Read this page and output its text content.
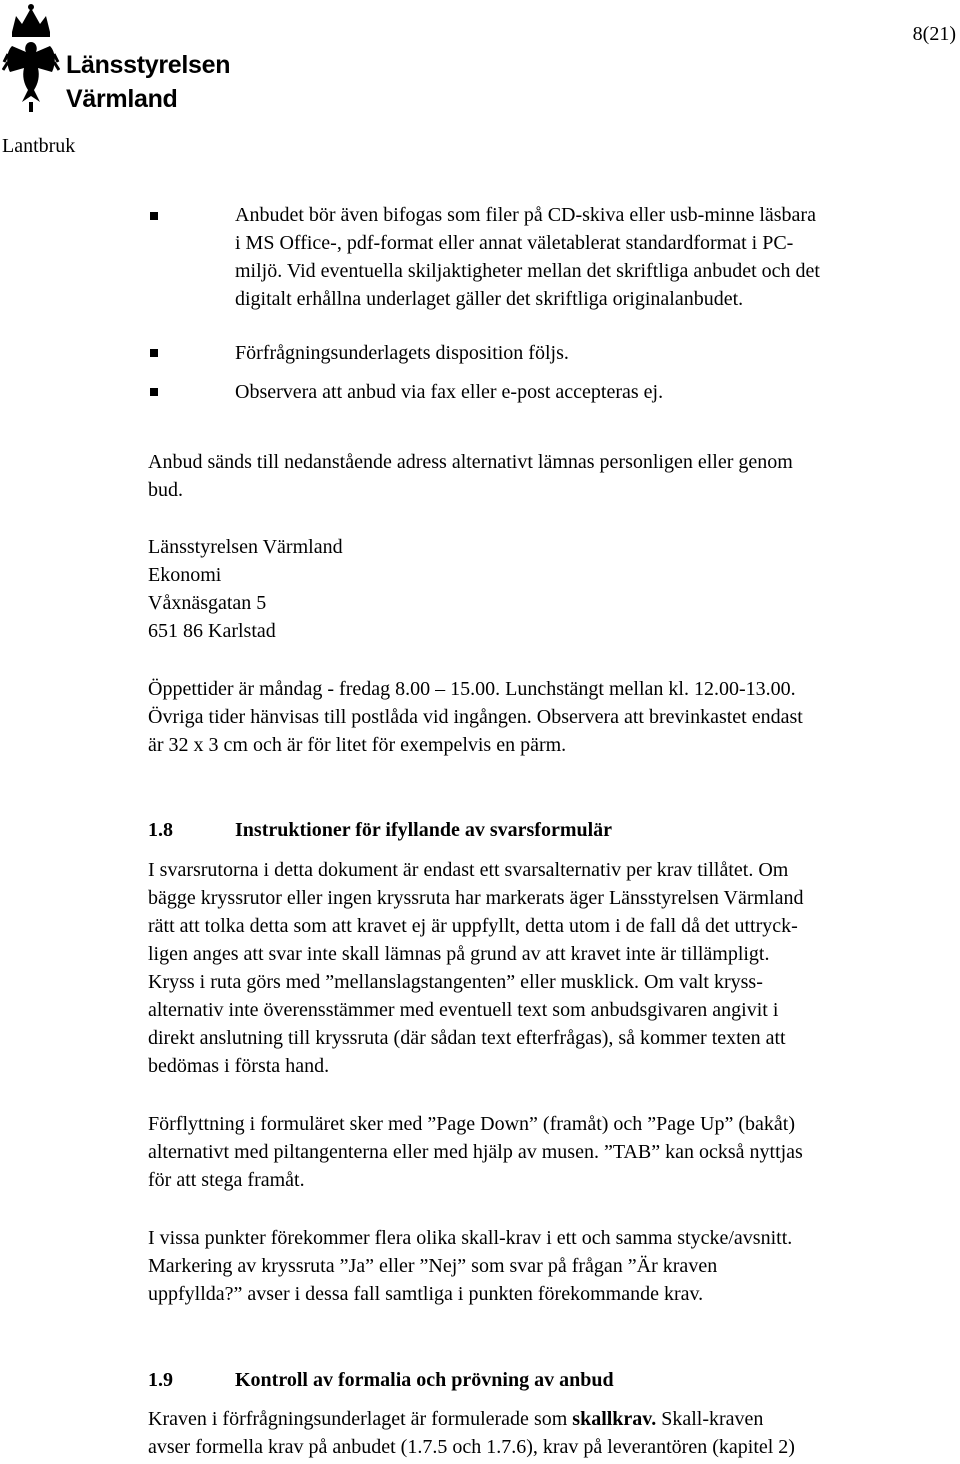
Länsstyrelsen
Värmland
8(21)
Lantbruk
Anbudet bör även bifogas som filer på CD-skiva eller usb-minne läsbara
i MS Office-, pdf-format eller annat väletablerat standardformat i PC-
miljö. Vid eventuella skiljaktigheter mellan det skriftliga anbudet och det
digitalt erhållna underlaget gäller det skriftliga originalanbudet.
Förfrågningsunderlagets disposition följs.
Observera att anbud via fax eller e-post accepteras ej.
Anbud sänds till nedanstående adress alternativt lämnas personligen eller genom
bud.
Länsstyrelsen Värmland
Ekonomi
Våxnäsgatan 5
651 86 Karlstad
Öppettider är måndag - fredag 8.00 – 15.00. Lunchstängt mellan kl. 12.00-13.00.
Övriga tider hänvisas till postlåda vid ingången. Observera att brevinkastet endast
är 32 x 3 cm och är för litet för exempelvis en pärm.
1.8	Instruktioner för ifyllande av svarsformulär
I svarsrutorna i detta dokument är endast ett svarsalternativ per krav tillåtet. Om
bägge kryssrutor eller ingen kryssruta har markerats äger Länsstyrelsen Värmland
rätt att tolka detta som att kravet ej är uppfyllt, detta utom i de fall då det uttryck-
ligen anges att svar inte skall lämnas på grund av att kravet inte är tillämpligt.
Kryss i ruta görs med ”mellanslagstangenten” eller musklick. Om valt kryss-
alternativ inte överensstämmer med eventuell text som anbudsgivaren angivit i
direkt anslutning till kryssruta (där sådan text efterfrågas), så kommer texten att
bedömas i första hand.
Förflyttning i formuläret sker med ”Page Down” (framåt) och ”Page Up” (bakåt)
alternativt med piltangenterna eller med hjälp av musen. ”TAB” kan också nyttjas
för att stega framåt.
I vissa punkter förekommer flera olika skall-krav i ett och samma stycke/avsnitt.
Markering av kryssruta ”Ja” eller ”Nej” som svar på frågan ”Är kraven
uppfyllda?” avser i dessa fall samtliga i punkten förekommande krav.
1.9	Kontroll av formalia och prövning av anbud
Kraven i förfrågningsunderlaget är formulerade som skallkrav. Skall-kraven
avser formella krav på anbudet (1.7.5 och 1.7.6), krav på leverantören (kapitel 2)
